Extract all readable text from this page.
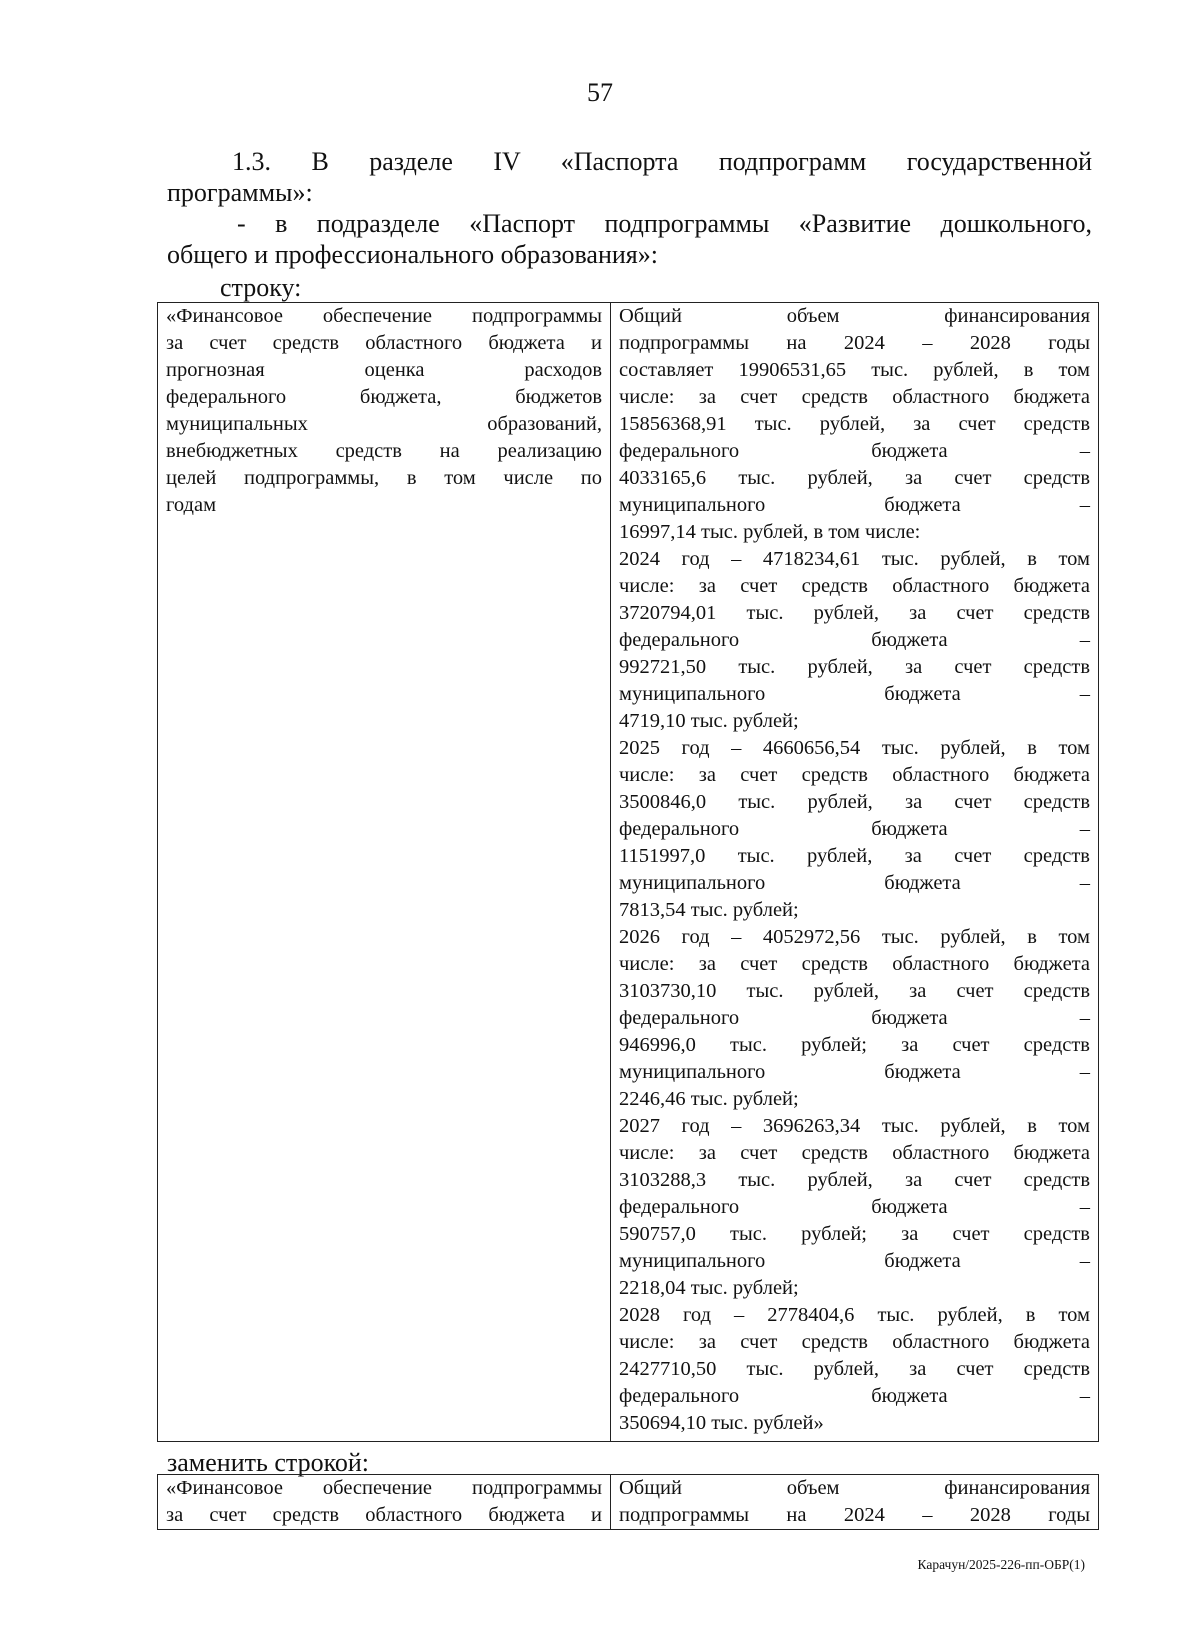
57
1.3. В разделе IV «Паспорта подпрограмм государственной
программы»:
- в подразделе «Паспорт подпрограммы «Развитие дошкольного,
общего и профессионального образования»:
строку:
«Финансовое обеспечение подпрограммы
за счет средств областного бюджета и
прогнозная оценка расходов
федерального бюджета, бюджетов
муниципальных образований,
внебюджетных средств на реализацию
целей подпрограммы, в том числе по
годам

Общий объем финансирования
подпрограммы на 2024 – 2028 годы
составляет 19906531,65 тыс. рублей, в том
числе: за счет средств областного бюджета
15856368,91 тыс. рублей, за счет средств
федерального бюджета –
4033165,6 тыс. рублей, за счет средств
муниципального бюджета –
16997,14 тыс. рублей, в том числе:
2024 год – 4718234,61 тыс. рублей, в том
числе: за счет средств областного бюджета
3720794,01 тыс. рублей, за счет средств
федерального бюджета –
992721,50 тыс. рублей, за счет средств
муниципального бюджета –
4719,10 тыс. рублей;
2025 год – 4660656,54 тыс. рублей, в том
числе: за счет средств областного бюджета
3500846,0 тыс. рублей, за счет средств
федерального бюджета –
1151997,0 тыс. рублей, за счет средств
муниципального бюджета –
7813,54 тыс. рублей;
2026 год – 4052972,56 тыс. рублей, в том
числе: за счет средств областного бюджета
3103730,10 тыс. рублей, за счет средств
федерального бюджета –
946996,0 тыс. рублей; за счет средств
муниципального бюджета –
2246,46 тыс. рублей;
2027 год – 3696263,34 тыс. рублей, в том
числе: за счет средств областного бюджета
3103288,3 тыс. рублей, за счет средств
федерального бюджета –
590757,0 тыс. рублей; за счет средств
муниципального бюджета –
2218,04 тыс. рублей;
2028 год – 2778404,6 тыс. рублей, в том
числе: за счет средств областного бюджета
2427710,50 тыс. рублей, за счет средств
федерального бюджета –
350694,10 тыс. рублей»
заменить строкой:
«Финансовое обеспечение подпрограммы
за счет средств областного бюджета и

Общий объем финансирования
подпрограммы на 2024 – 2028 годы
Карачун/2025-226-пп-ОБР(1)
